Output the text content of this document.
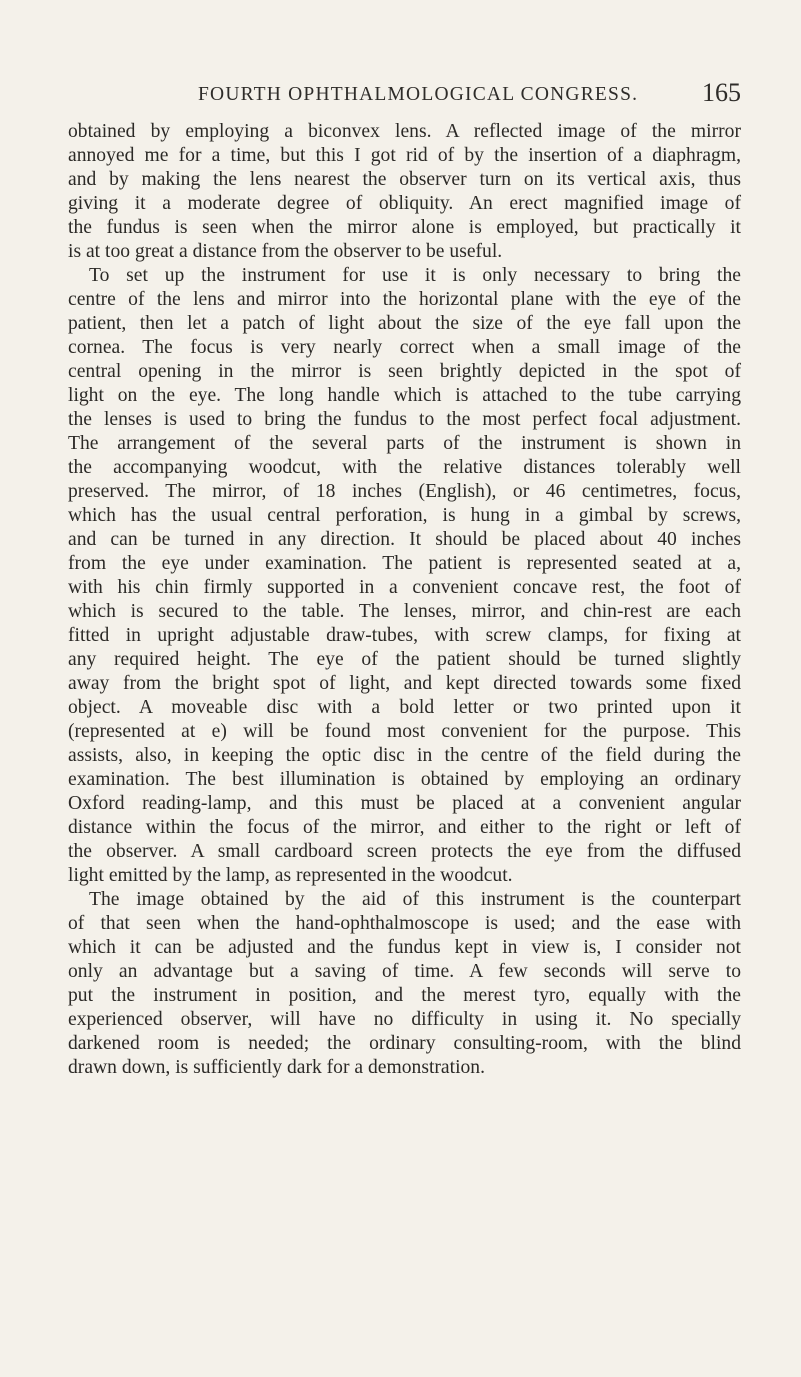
FOURTH OPHTHALMOLOGICAL CONGRESS. 165
obtained by employing a biconvex lens. A reflected image of the mirror
annoyed me for a time, but this I got rid of by the insertion of a diaphragm,
and by making the lens nearest the observer turn on its vertical axis, thus
giving it a moderate degree of obliquity. An erect magnified image of
the fundus is seen when the mirror alone is employed, but practically it
is at too great a distance from the observer to be useful.
To set up the instrument for use it is only necessary to bring the
centre of the lens and mirror into the horizontal plane with the eye of the
patient, then let a patch of light about the size of the eye fall upon the
cornea. The focus is very nearly correct when a small image of the
central opening in the mirror is seen brightly depicted in the spot of
light on the eye. The long handle which is attached to the tube carrying
the lenses is used to bring the fundus to the most perfect focal adjustment.
The arrangement of the several parts of the instrument is shown in
the accompanying woodcut, with the relative distances tolerably well
preserved. The mirror, of 18 inches (English), or 46 centimetres, focus,
which has the usual central perforation, is hung in a gimbal by screws,
and can be turned in any direction. It should be placed about 40 inches
from the eye under examination. The patient is represented seated at a,
with his chin firmly supported in a convenient concave rest, the foot of
which is secured to the table. The lenses, mirror, and chin-rest are each
fitted in upright adjustable draw-tubes, with screw clamps, for fixing at
any required height. The eye of the patient should be turned slightly
away from the bright spot of light, and kept directed towards some fixed
object. A moveable disc with a bold letter or two printed upon it
(represented at e) will be found most convenient for the purpose. This
assists, also, in keeping the optic disc in the centre of the field during the
examination. The best illumination is obtained by employing an ordinary
Oxford reading-lamp, and this must be placed at a convenient angular
distance within the focus of the mirror, and either to the right or left of
the observer. A small cardboard screen protects the eye from the diffused
light emitted by the lamp, as represented in the woodcut.
The image obtained by the aid of this instrument is the counterpart
of that seen when the hand-ophthalmoscope is used; and the ease with
which it can be adjusted and the fundus kept in view is, I consider not
only an advantage but a saving of time. A few seconds will serve to
put the instrument in position, and the merest tyro, equally with the
experienced observer, will have no difficulty in using it. No specially
darkened room is needed; the ordinary consulting-room, with the blind
drawn down, is sufficiently dark for a demonstration.
